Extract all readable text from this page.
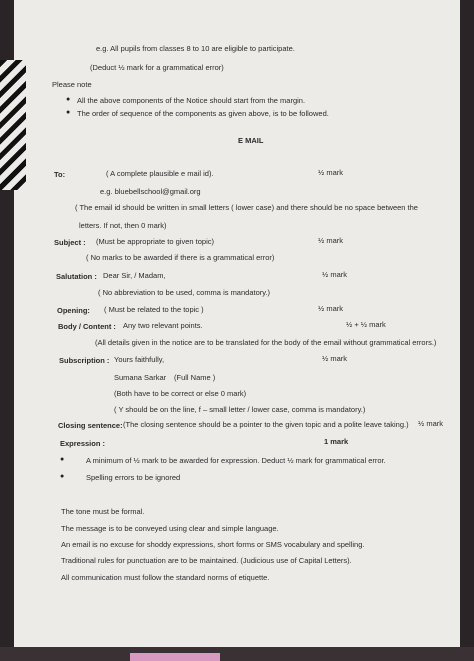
e.g. All pupils from classes 8 to 10 are eligible to participate.
(Deduct ½ mark for a grammatical error)
Please note
● All the above components of the Notice should start from the margin.
● The order of sequence of the components as given above, is to be followed.
E MAIL
To:	( A complete plausible e mail id).	½ mark
e.g. bluebellschool@gmail.org
( The email id should be written in small letters ( lower case) and there should be no space between the
letters. If not, then 0 mark)
Subject : (Must be appropriate to given topic)	½ mark
( No marks to be awarded if there is a grammatical error)
Salutation : Dear Sir, / Madam,	½ mark
( No abbreviation to be used, comma is mandatory.)
Opening: ( Must be related to the topic )	½ mark
Body / Content : Any two relevant points.	½ + ½ mark
(All details given in the notice are to be translated for the body of the email without grammatical errors.)
Subscription : Yours faithfully,	½ mark
Sumana Sarkar (Full Name )
(Both have to be correct or else 0 mark)
( Y should be on the line, f – small letter / lower case, comma is mandatory.)
Closing sentence: (The closing sentence should be a pointer to the given topic and a polite leave taking.) ½ mark
Expression :	1 mark
●	A minimum of ½ mark to be awarded for expression. Deduct ½ mark for grammatical error.
●	Spelling errors to be ignored
The tone must be formal.
The message is to be conveyed using clear and simple language.
An email is no excuse for shoddy expressions, short forms or SMS vocabulary and spelling.
Traditional rules for punctuation are to be maintained. (Judicious use of Capital Letters).
All communication must follow the standard norms of etiquette.
